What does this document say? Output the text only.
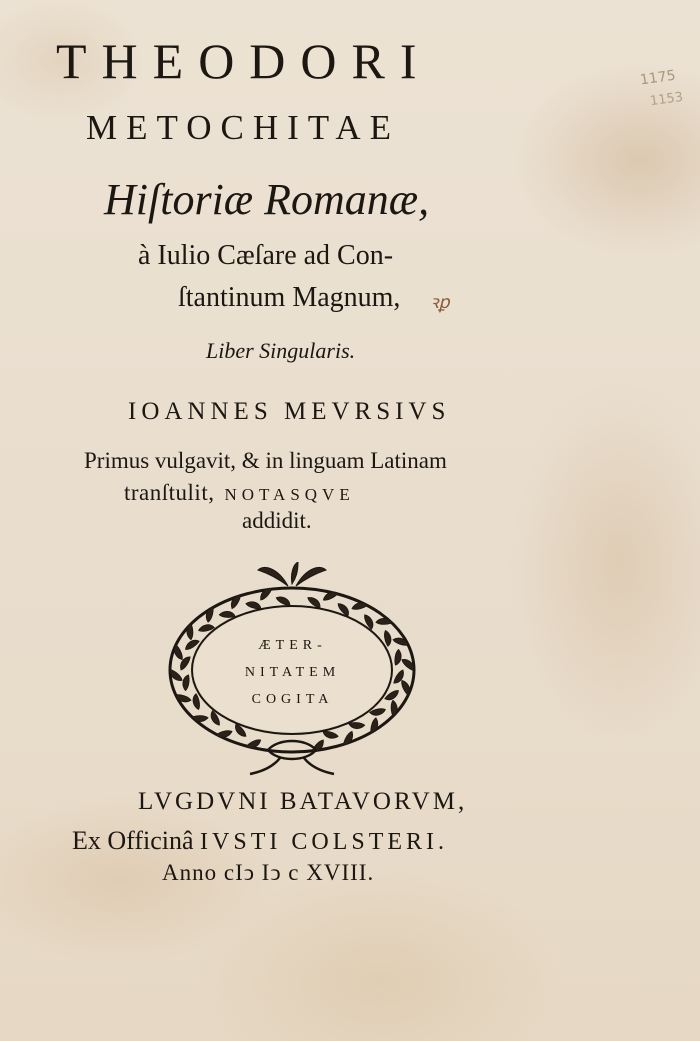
1175
1153
THEODORI
METOCHITAE
Hiſtoriæ Romanæ,
à Iulio Cæſare ad Con-
ſtantinum Magnum,	ꝛꝑ
Liber Singularis.
IOANNES MEVRSIVS
Primus vulgavit, & in linguam Latinam
tranſtulit, NOTASQVE
addidit.
ÆTER-
NITATEM
COGITA
LVGDVNI BATAVORVM,
Ex Officinâ IVSTI COLSTERI.
Anno cIↄ Iↄ c XVIII.
